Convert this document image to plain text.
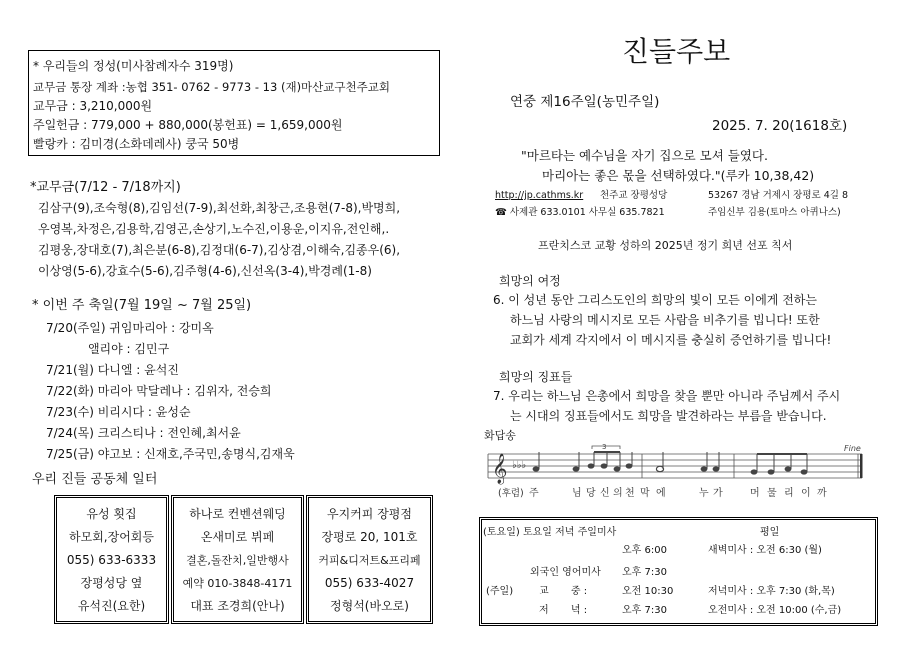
* 우리들의 정성(미사참례자수 319명)
교무금 통장 계좌 :농협 351- 0762 - 9773 - 13 (재)마산교구천주교회
교무금 : 3,210,000원
주일헌금 : 779,000 + 880,000(봉헌표) = 1,659,000원
빨랑카 : 김미경(소화데레사) 쿵국 50병
*교무금(7/12 - 7/18까지)
김삼구(9),조숙형(8),김임선(7-9),최선화,최창근,조용현(7-8),박명희,
우영복,차정은,김용학,김영곤,손상기,노수진,이용운,이지유,전인해,.
김평웅,장대호(7),최은분(6-8),김정대(6-7),김상겸,이해숙,김종우(6),
이상영(5-6),강효수(5-6),김주형(4-6),신선옥(3-4),박경례(1-8)
* 이번 주 축일(7월 19일 ~ 7월 25일)
7/20(주일) 귀임마리아 : 강미옥
앨리야 : 김민구
7/21(월) 다니엘 : 윤석진
7/22(화) 마리아 막달레나 : 김위자, 전승희
7/23(수) 비리시다 : 윤성순
7/24(목) 크리스티나 : 전인혜,최서윤
7/25(금) 야고보 : 신재호,주국민,송명식,김재욱
우리 진들 공동체 일터
유성 횟집
하모회,장어회등
055) 633-6333
장평성당 옆
유석진(요한)
하나로 컨벤션웨딩
온새미로 뷔페
결혼,돌잔치,일반행사
예약 010-3848-4171
대표 조경희(안나)
우지커피 장평점
장평로 20, 101호
커피&디저트&프리페
055) 633-4027
정형석(바오로)
진들주보
연중 제16주일(농민주일)
2025. 7. 20(1618호)
"마르타는 예수님을 자기 집으로 모셔 들였다.
마리아는 좋은 몫을 선택하였다."(루카 10,38,42)
http://jp.cathms.kr 천주교 장평성당	53267 경남 거제시 장평로 4길 8
☎ 사제관 633.0101 사무실 635.7821	주임신부 김용(토마스 아퀴나스)
프란치스코 교황 성하의 2025년 정기 희년 선포 칙서
희망의 여정
6. 이 성년 동안 그리스도인의 희망의 빛이 모든 이에게 전하는
하느님 사랑의 메시지로 모든 사람을 비추기를 빕니다! 또한
교회가 세계 각지에서 이 메시지를 충실히 증언하기를 빕니다!
희망의 징표들
7. 우리는 하느님 은총에서 희망을 찾을 뿐만 아니라 주님께서 주시
는 시대의 징표들에서도 희망을 발견하라는 부름을 받습니다.
화답송
𝄞 ♭♭♭
3	Fine
(후렴) 주	님 당 신 의 천 막 에	누 가	머 물 리 이 까
(토요일) 토요일 저녁 주일미사	평일
오후 6:00	새벽미사 : 오전 6:30 (월)
외국인 영어미사 오후 7:30
(주일)	교       중 :	오전 10:30	저녁미사 : 오후 7:30 (화,목)
저       녁 :	오후 7:30	오전미사 : 오전 10:00 (수,금)
